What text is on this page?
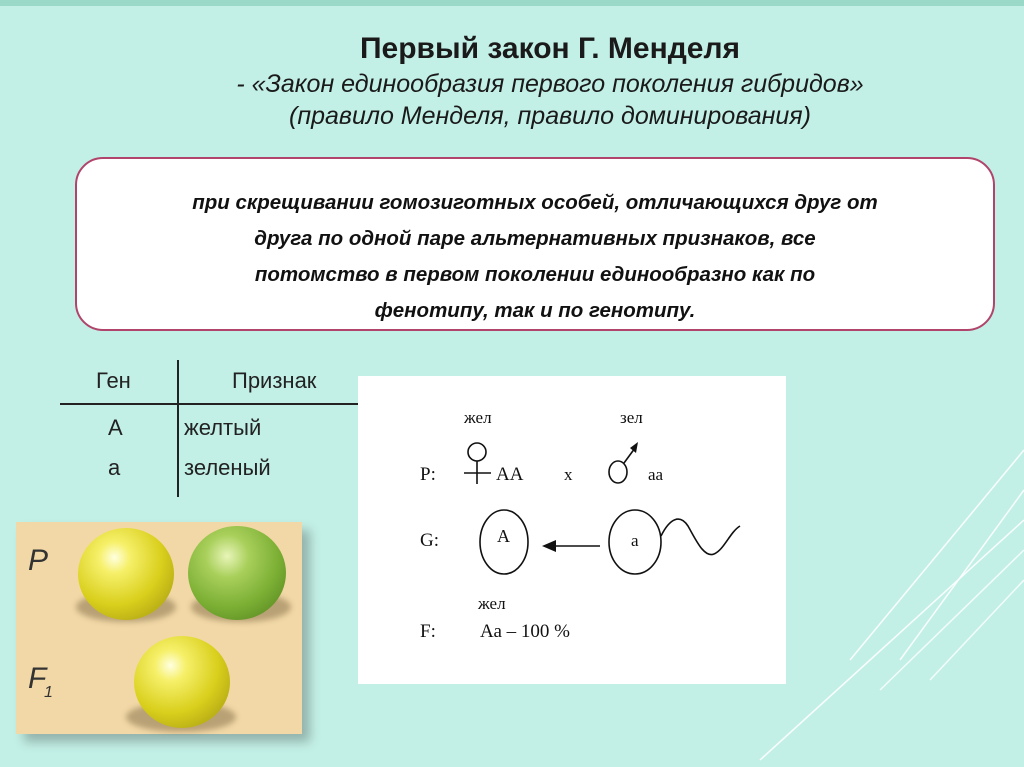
Первый закон Г. Менделя
- «Закон единообразия первого поколения гибридов»
(правило Менделя, правило доминирования)
при скрещивании гомозиготных особей, отличающихся друг от
друга по одной паре альтернативных признаков, все
потомство в первом поколении единообразно как по
фенотипу, так и по генотипу.
Ген	Признак
А	желтый
а	зеленый
P
F
1
жел	зел
P:	АА х	аа
G:	А	а
жел
F: Аа – 100 %
